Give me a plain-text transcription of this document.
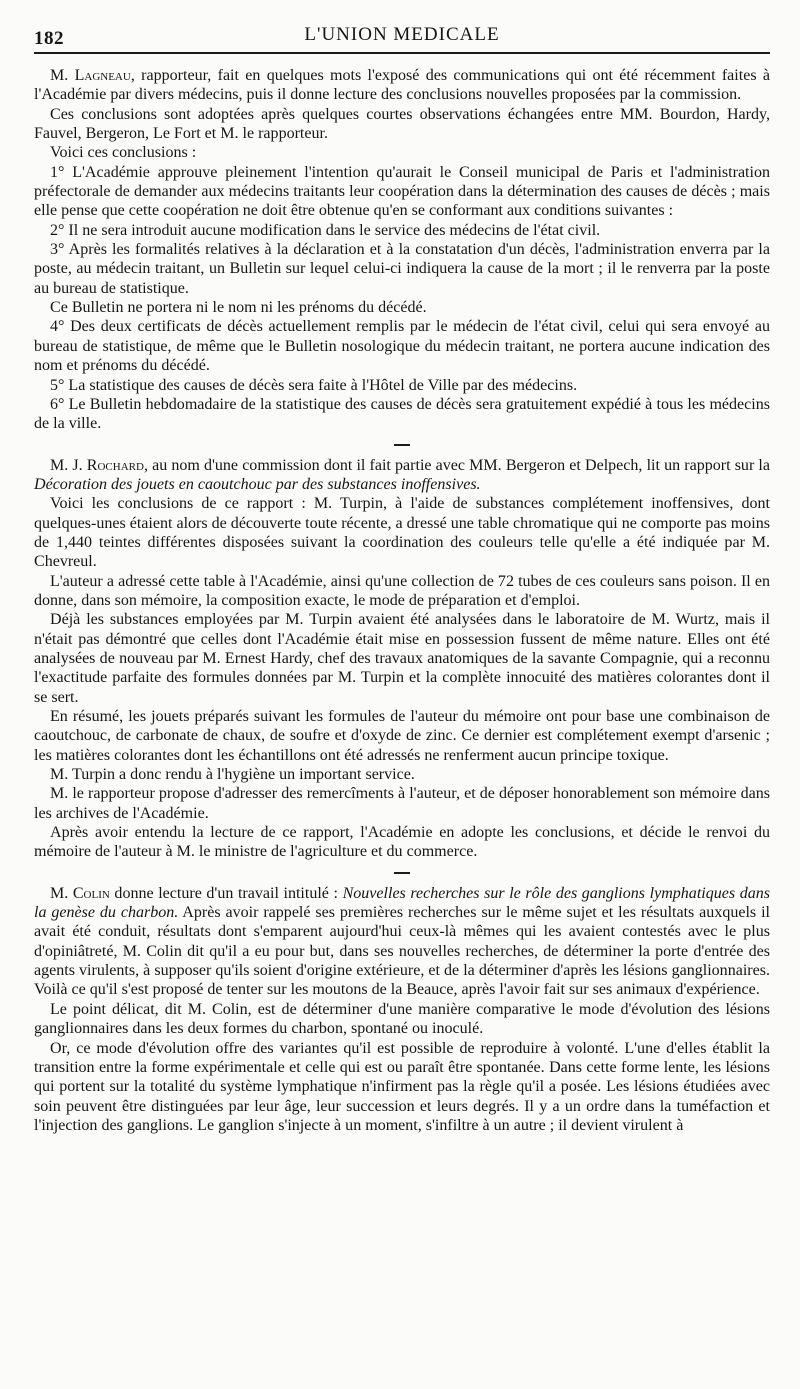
182	L'UNION MEDICALE

M. Lagneau, rapporteur, fait en quelques mots l'exposé des communications qui ont été récemment faites à l'Académie par divers médecins, puis il donne lecture des conclusions nouvelles proposées par la commission.

Ces conclusions sont adoptées après quelques courtes observations échangées entre MM. Bourdon, Hardy, Fauvel, Bergeron, Le Fort et M. le rapporteur.

Voici ces conclusions :

1° L'Académie approuve pleinement l'intention qu'aurait le Conseil municipal de Paris et l'administration préfectorale de demander aux médecins traitants leur coopération dans la détermination des causes de décès ; mais elle pense que cette coopération ne doit être obtenue qu'en se conformant aux conditions suivantes :

2° Il ne sera introduit aucune modification dans le service des médecins de l'état civil.

3° Après les formalités relatives à la déclaration et à la constatation d'un décès, l'administration enverra par la poste, au médecin traitant, un Bulletin sur lequel celui-ci indiquera la cause de la mort ; il le renverra par la poste au bureau de statistique.

Ce Bulletin ne portera ni le nom ni les prénoms du décédé.

4° Des deux certificats de décès actuellement remplis par le médecin de l'état civil, celui qui sera envoyé au bureau de statistique, de même que le Bulletin nosologique du médecin traitant, ne portera aucune indication des nom et prénoms du décédé.

5° La statistique des causes de décès sera faite à l'Hôtel de Ville par des médecins.

6° Le Bulletin hebdomadaire de la statistique des causes de décès sera gratuitement expédié à tous les médecins de la ville.

M. J. Rochard, au nom d'une commission dont il fait partie avec MM. Bergeron et Delpech, lit un rapport sur la Décoration des jouets en caoutchouc par des substances inoffensives.

Voici les conclusions de ce rapport : M. Turpin, à l'aide de substances complétement inoffensives, dont quelques-unes étaient alors de découverte toute récente, a dressé une table chromatique qui ne comporte pas moins de 1,440 teintes différentes disposées suivant la coordination des couleurs telle qu'elle a été indiquée par M. Chevreul.

L'auteur a adressé cette table à l'Académie, ainsi qu'une collection de 72 tubes de ces couleurs sans poison. Il en donne, dans son mémoire, la composition exacte, le mode de préparation et d'emploi.

Déjà les substances employées par M. Turpin avaient été analysées dans le laboratoire de M. Wurtz, mais il n'était pas démontré que celles dont l'Académie était mise en possession fussent de même nature. Elles ont été analysées de nouveau par M. Ernest Hardy, chef des travaux anatomiques de la savante Compagnie, qui a reconnu l'exactitude parfaite des formules données par M. Turpin et la complète innocuité des matières colorantes dont il se sert.

En résumé, les jouets préparés suivant les formules de l'auteur du mémoire ont pour base une combinaison de caoutchouc, de carbonate de chaux, de soufre et d'oxyde de zinc. Ce dernier est complétement exempt d'arsenic ; les matières colorantes dont les échantillons ont été adressés ne renferment aucun principe toxique.

M. Turpin a donc rendu à l'hygiène un important service.

M. le rapporteur propose d'adresser des remercîments à l'auteur, et de déposer honorablement son mémoire dans les archives de l'Académie.

Après avoir entendu la lecture de ce rapport, l'Académie en adopte les conclusions, et décide le renvoi du mémoire de l'auteur à M. le ministre de l'agriculture et du commerce.

M. Colin donne lecture d'un travail intitulé : Nouvelles recherches sur le rôle des ganglions lymphatiques dans la genèse du charbon. Après avoir rappelé ses premières recherches sur le même sujet et les résultats auxquels il avait été conduit, résultats dont s'emparent aujourd'hui ceux-là mêmes qui les avaient contestés avec le plus d'opiniâtreté, M. Colin dit qu'il a eu pour but, dans ses nouvelles recherches, de déterminer la porte d'entrée des agents virulents, à supposer qu'ils soient d'origine extérieure, et de la déterminer d'après les lésions ganglionnaires. Voilà ce qu'il s'est proposé de tenter sur les moutons de la Beauce, après l'avoir fait sur ses animaux d'expérience.

Le point délicat, dit M. Colin, est de déterminer d'une manière comparative le mode d'évolution des lésions ganglionnaires dans les deux formes du charbon, spontané ou inoculé.

Or, ce mode d'évolution offre des variantes qu'il est possible de reproduire à volonté. L'une d'elles établit la transition entre la forme expérimentale et celle qui est ou paraît être spontanée. Dans cette forme lente, les lésions qui portent sur la totalité du système lymphatique n'infirment pas la règle qu'il a posée. Les lésions étudiées avec soin peuvent être distinguées par leur âge, leur succession et leurs degrés. Il y a un ordre dans la tuméfaction et l'injection des ganglions. Le ganglion s'injecte à un moment, s'infiltre à un autre ; il devient virulent à
